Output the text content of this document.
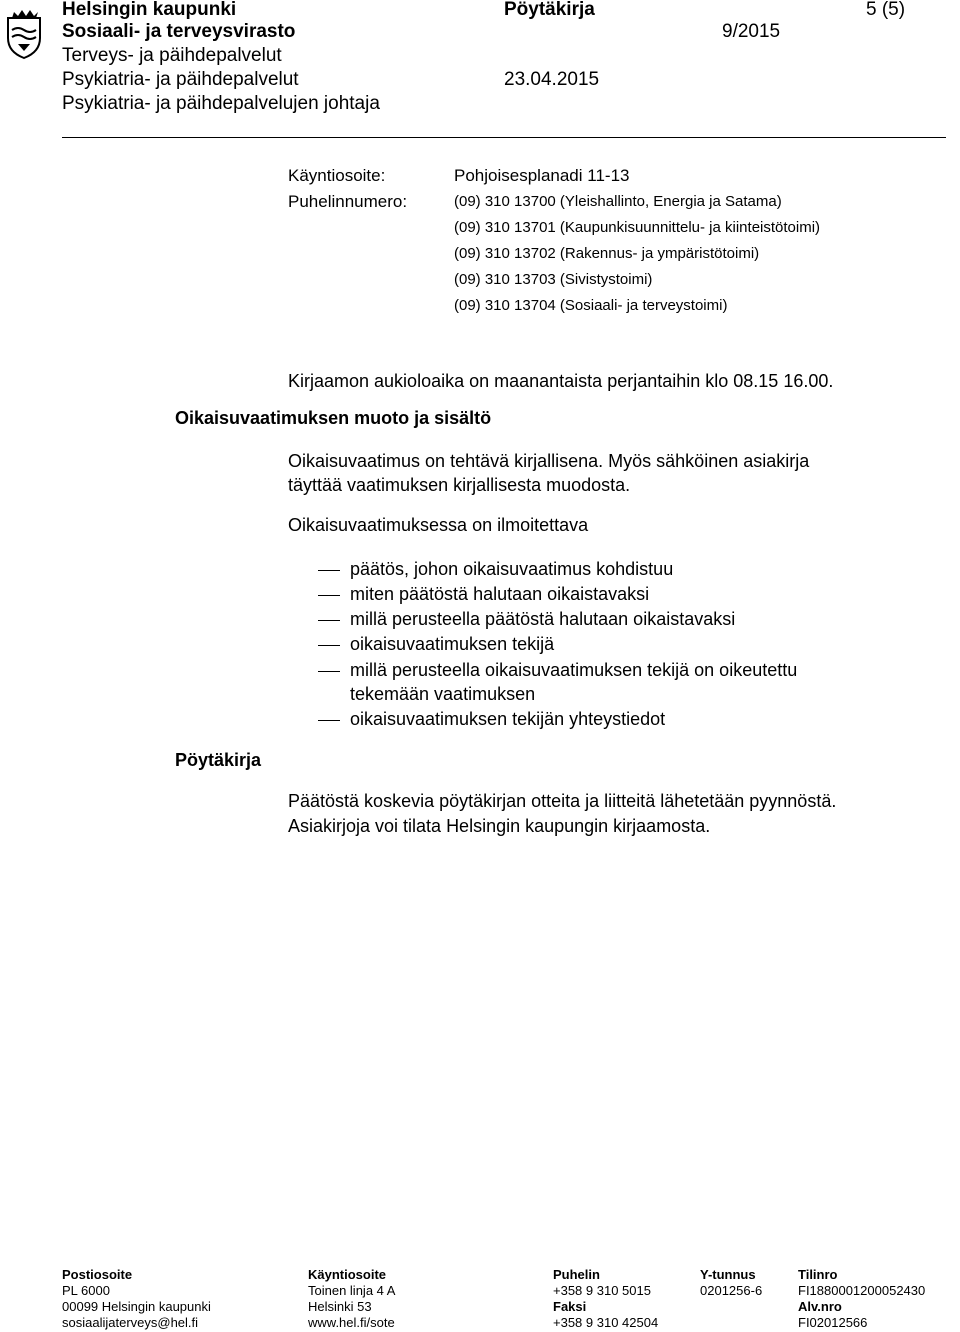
Helsingin kaupunki
Sosiaali- ja terveysvirasto
Terveys- ja päihdepalvelut
Psykiatria- ja päihdepalvelut
Psykiatria- ja päihdepalvelujen johtaja
Pöytäkirja
9/2015
23.04.2015
5 (5)
Käyntiosoite:	Pohjoisesplanadi 11-13
Puhelinnumero:	(09) 310 13700 (Yleishallinto, Energia ja Satama)
(09) 310 13701 (Kaupunkisuunnittelu- ja kiinteistötoimi)
(09) 310 13702 (Rakennus- ja ympäristötoimi)
(09) 310 13703 (Sivistystoimi)
(09) 310 13704 (Sosiaali- ja terveystoimi)
Kirjaamon aukioloaika on maanantaista perjantaihin klo 08.15 16.00.
Oikaisuvaatimuksen muoto ja sisältö
Oikaisuvaatimus on tehtävä kirjallisena. Myös sähköinen asiakirja
täyttää vaatimuksen kirjallisesta muodosta.
Oikaisuvaatimuksessa on ilmoitettava
päätös, johon oikaisuvaatimus kohdistuu
miten päätöstä halutaan oikaistavaksi
millä perusteella päätöstä halutaan oikaistavaksi
oikaisuvaatimuksen tekijä
millä perusteella oikaisuvaatimuksen tekijä on oikeutettu
tekemään vaatimuksen
oikaisuvaatimuksen tekijän yhteystiedot
Pöytäkirja
Päätöstä koskevia pöytäkirjan otteita ja liitteitä lähetetään pyynnöstä.
Asiakirjoja voi tilata Helsingin kaupungin kirjaamosta.
Postiosoite
PL 6000
00099 Helsingin kaupunki
sosiaalijaterveys@hel.fi
Käyntiosoite
Toinen linja 4 A
Helsinki 53
www.hel.fi/sote
Puhelin
+358 9 310 5015
Faksi
+358 9 310 42504
Y-tunnus
0201256-6
Tilinro
FI1880001200052430
Alv.nro
FI02012566
